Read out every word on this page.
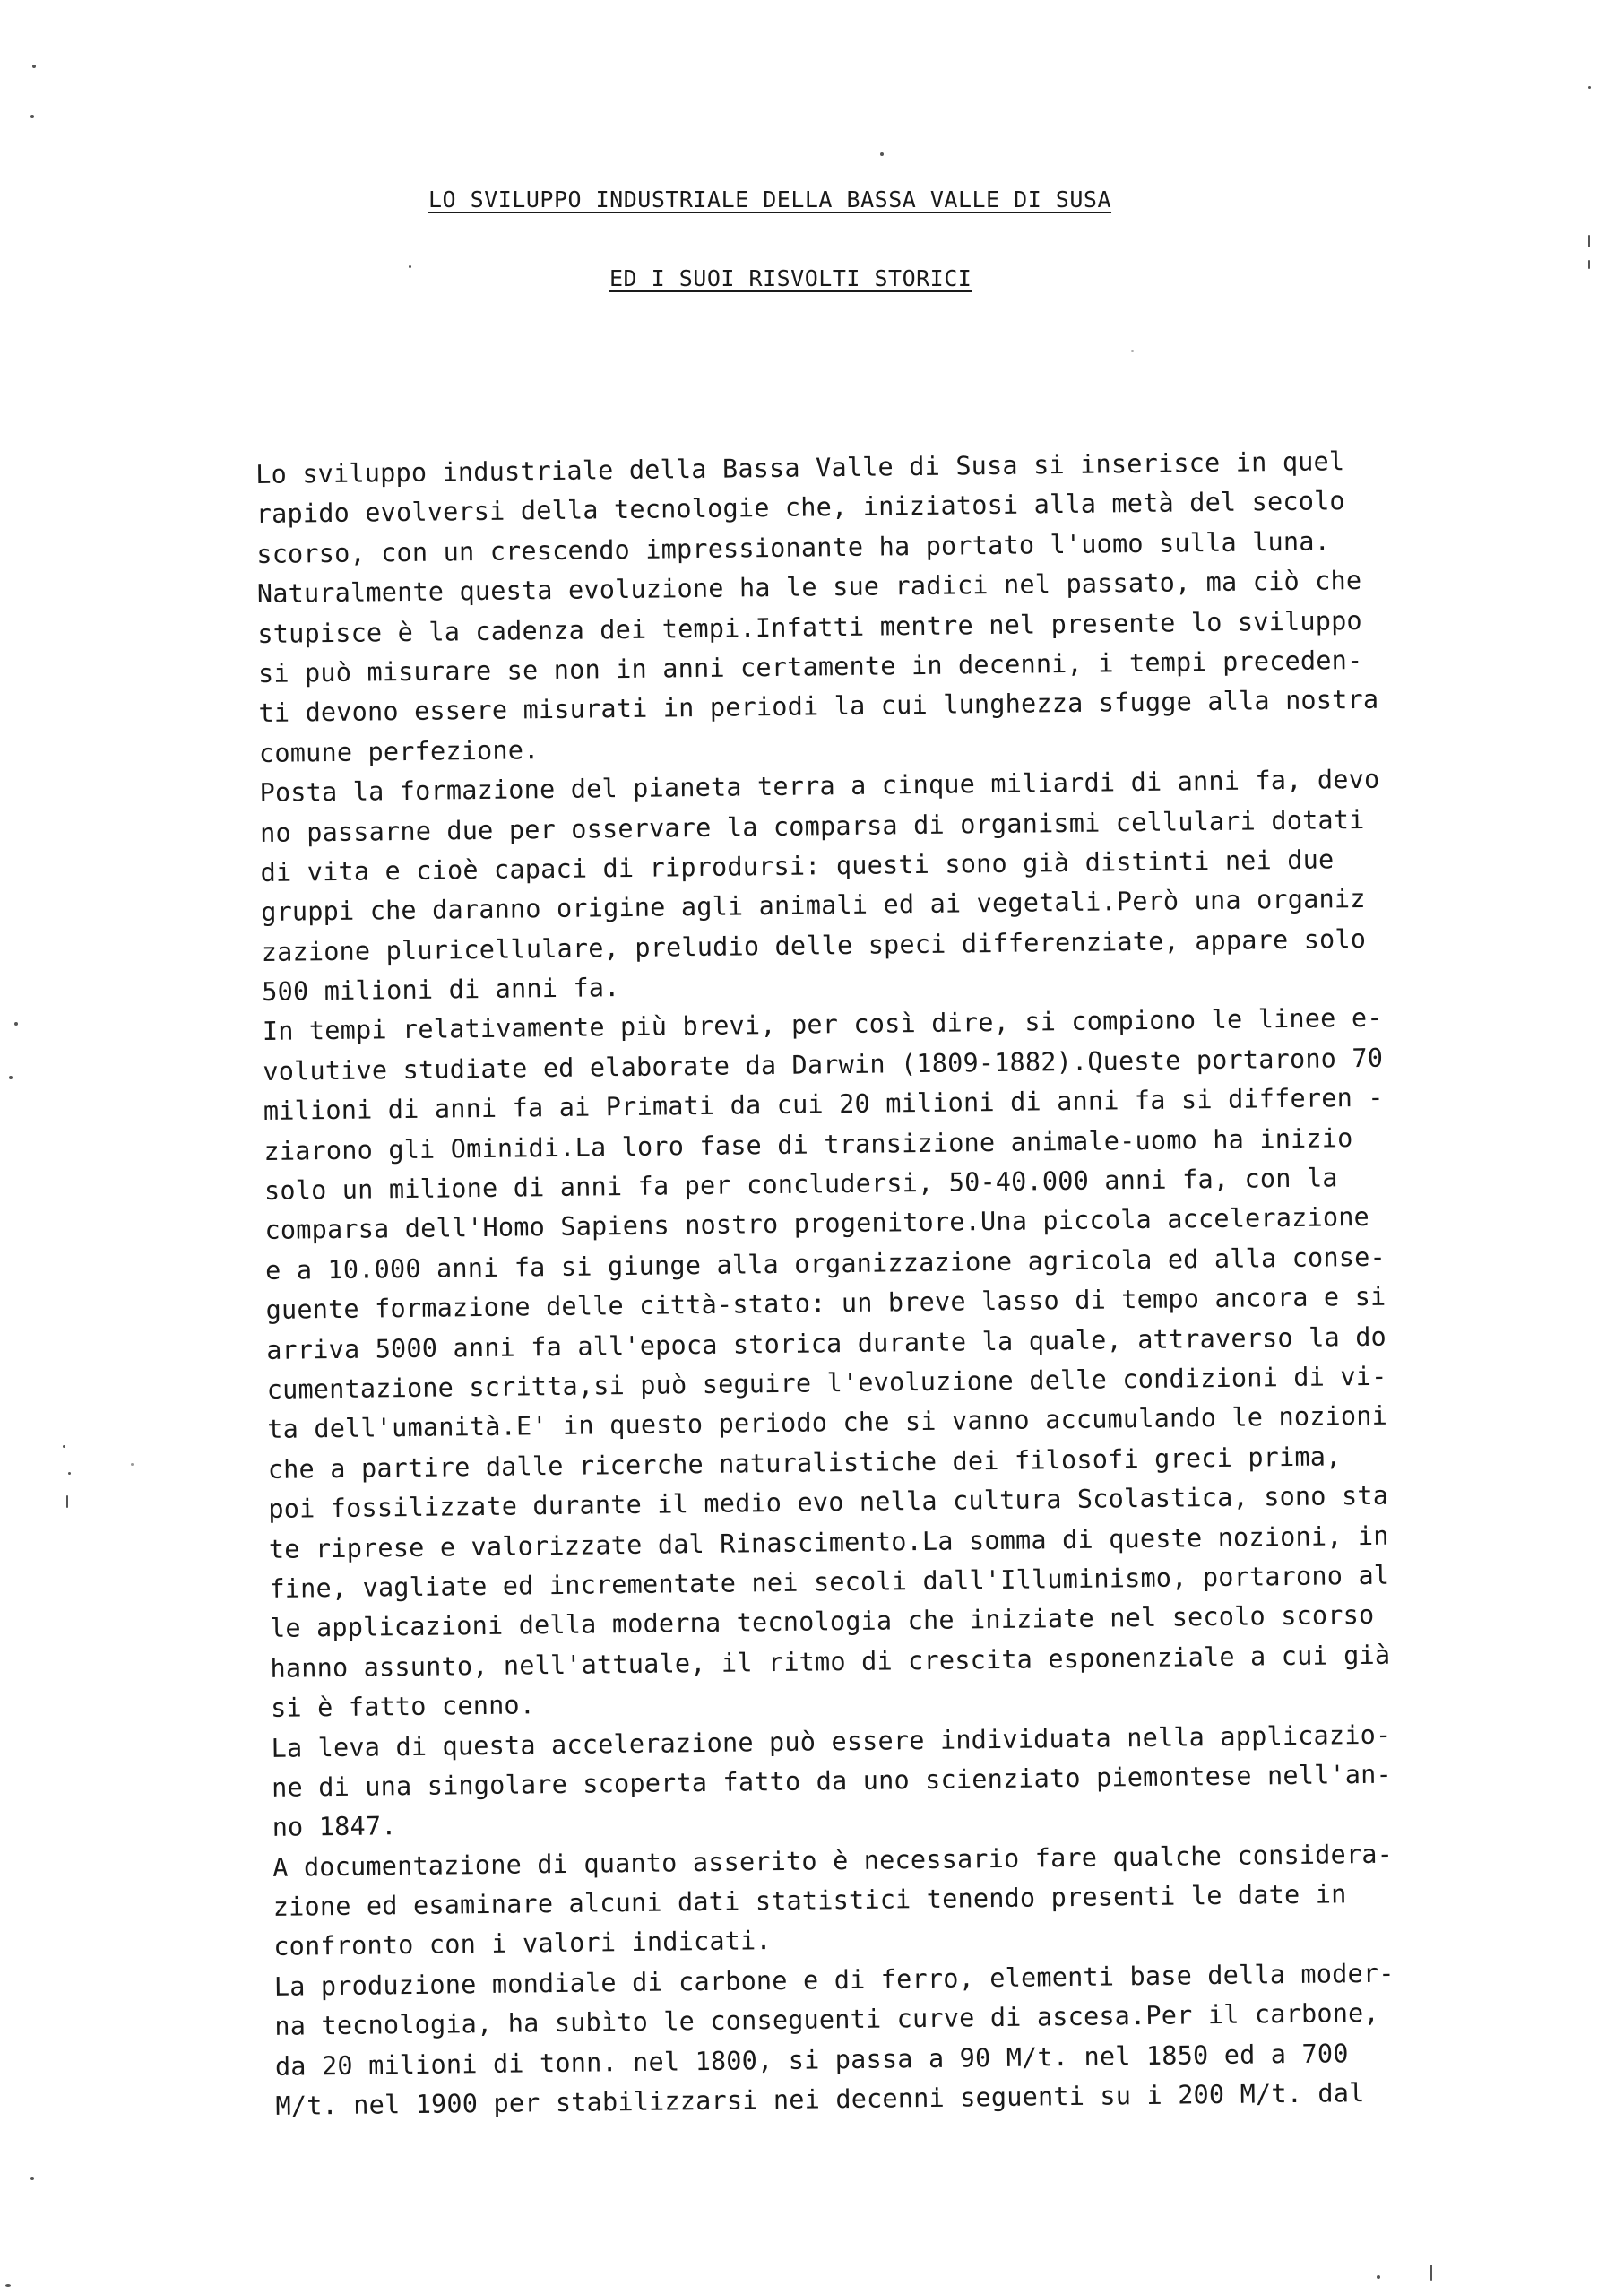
LO SVILUPPO INDUSTRIALE DELLA BASSA VALLE DI SUSA
ED I SUOI RISVOLTI STORICI
Lo sviluppo industriale della Bassa Valle di Susa si inserisce in quel
rapido evolversi della tecnologie che, iniziatosi alla metà del secolo
scorso, con un crescendo impressionante ha portato l'uomo sulla luna.
Naturalmente questa evoluzione ha le sue radici nel passato, ma ciò che
stupisce è la cadenza dei tempi.Infatti mentre nel presente lo sviluppo
si può misurare se non in anni certamente in decenni, i tempi preceden-
ti devono essere misurati in periodi la cui lunghezza sfugge alla nostra
comune perfezione.
Posta la formazione del pianeta terra a cinque miliardi di anni fa, devo
no passarne due per osservare la comparsa di organismi cellulari dotati
di vita e cioè capaci di riprodursi: questi sono già distinti nei due
gruppi che daranno origine agli animali ed ai vegetali.Però una organiz
zazione pluricellulare, preludio delle speci differenziate, appare solo
500 milioni di anni fa.
In tempi relativamente più brevi, per così dire, si compiono le linee e-
volutive studiate ed elaborate da Darwin (1809-1882).Queste portarono 70
milioni di anni fa ai Primati da cui 20 milioni di anni fa si differen -
ziarono gli Ominidi.La loro fase di transizione animale-uomo ha inizio
solo un milione di anni fa per concludersi, 50-40.000 anni fa, con la
comparsa dell'Homo Sapiens nostro progenitore.Una piccola accelerazione
e a 10.000 anni fa si giunge alla organizzazione agricola ed alla conse-
guente formazione delle città-stato: un breve lasso di tempo ancora e si
arriva 5000 anni fa all'epoca storica durante la quale, attraverso la do
cumentazione scritta,si può seguire l'evoluzione delle condizioni di vi-
ta dell'umanità.E' in questo periodo che si vanno accumulando le nozioni
che a partire dalle ricerche naturalistiche dei filosofi greci prima,
poi fossilizzate durante il medio evo nella cultura Scolastica, sono sta
te riprese e valorizzate dal Rinascimento.La somma di queste nozioni, in
fine, vagliate ed incrementate nei secoli dall'Illuminismo, portarono al
le applicazioni della moderna tecnologia che iniziate nel secolo scorso
hanno assunto, nell'attuale, il ritmo di crescita esponenziale a cui già
si è fatto cenno.
La leva di questa accelerazione può essere individuata nella applicazio-
ne di una singolare scoperta fatto da uno scienziato piemontese nell'an-
no 1847.
A documentazione di quanto asserito è necessario fare qualche considera-
zione ed esaminare alcuni dati statistici tenendo presenti le date in
confronto con i valori indicati.
La produzione mondiale di carbone e di ferro, elementi base della moder-
na tecnologia, ha subìto le conseguenti curve di ascesa.Per il carbone,
da 20 milioni di tonn. nel 1800, si passa a 90 M/t. nel 1850 ed a 700
M/t. nel 1900 per stabilizzarsi nei decenni seguenti su i 200 M/t. dal
